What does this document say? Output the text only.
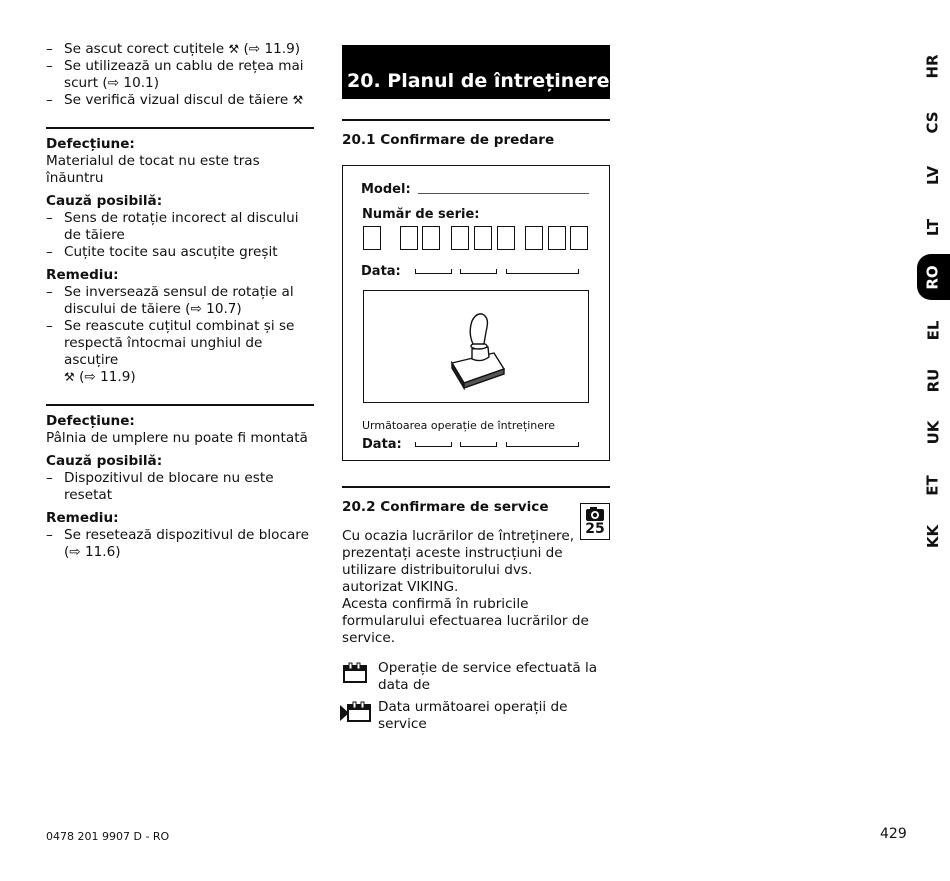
– Se ascut corect cuțitele ⚒ (⇨ 11.9)
– Se utilizează un cablu de rețea mai scurt (⇨ 10.1)
– Se verifică vizual discul de tăiere ⚒
Defecțiune:
Materialul de tocat nu este tras înăuntru
Cauză posibilă:
– Sens de rotație incorect al discului de tăiere
– Cuțite tocite sau ascuțite greșit
Remediu:
– Se inversează sensul de rotație al discului de tăiere (⇨ 10.7)
– Se reascute cuțitul combinat și se respectă întocmai unghiul de ascuțire
⚒ (⇨ 11.9)
Defecțiune:
Pâlnia de umplere nu poate fi montată
Cauză posibilă:
– Dispozitivul de blocare nu este resetat
Remediu:
– Se resetează dispozitivul de blocare (⇨ 11.6)
20. Planul de întreținere
20.1 Confirmare de predare
Model:
Număr de serie:
Data:
Următoarea operație de întreținere
Data:
20.2 Confirmare de service
25
Cu ocazia lucrărilor de întreținere, prezentați aceste instrucțiuni de utilizare distribuitorului dvs. autorizat VIKING.
Acesta confirmă în rubricile formularului efectuarea lucrărilor de service.
Operație de service efectuată la data de
Data următoarei operații de service
HR
CS
LV
LT
RO
EL
RU
UK
ET
KK
0478 201 9907 D - RO	429
